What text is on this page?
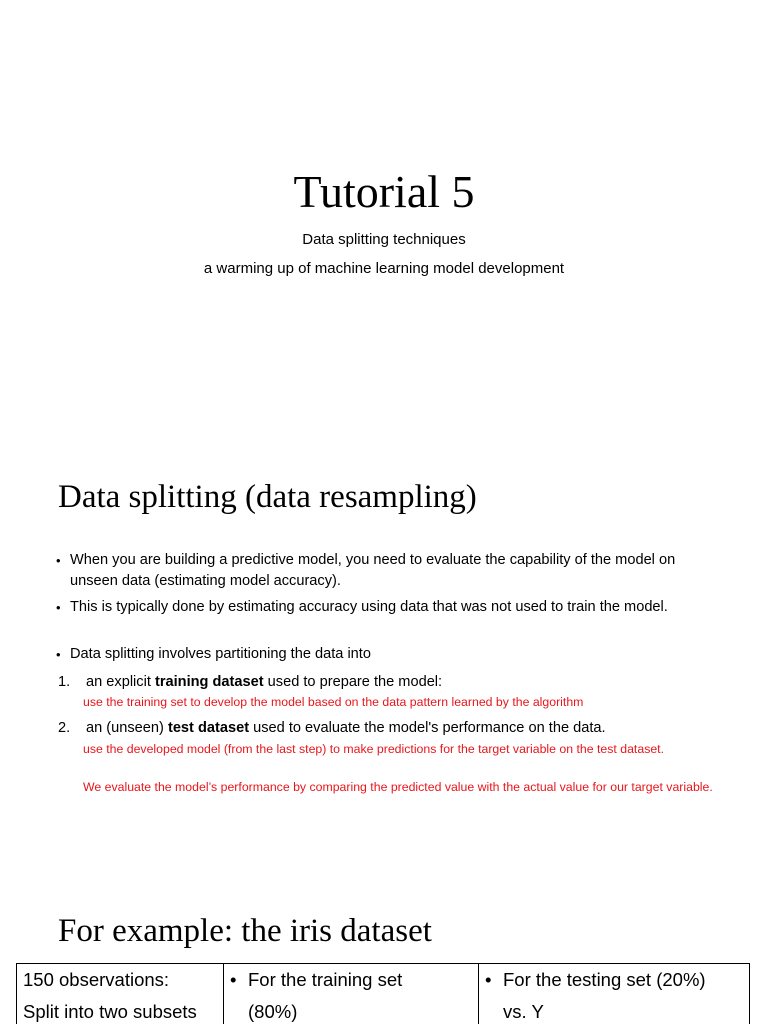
Tutorial 5
Data splitting techniques
a warming up of machine learning model development
Data splitting (data resampling)
• When you are building a predictive model, you need to evaluate the capability of the model on unseen data (estimating model accuracy).
• This is typically done by estimating accuracy using data that was not used to train the model.
• Data splitting involves partitioning the data into
1.	an explicit training dataset used to prepare the model:
use the training set to develop the model based on the data pattern learned by the algorithm
2.	an (unseen) test dataset used to evaluate the model's performance on the data.
use the developed model (from the last step) to make predictions for the target variable on the test dataset.
We evaluate the model’s performance by comparing the predicted value with the actual value for our target variable.
For example: the iris dataset
150 observations:
Split into two subsets

• For the training set
(80%)

• For the testing set (20%)
vs. Y
